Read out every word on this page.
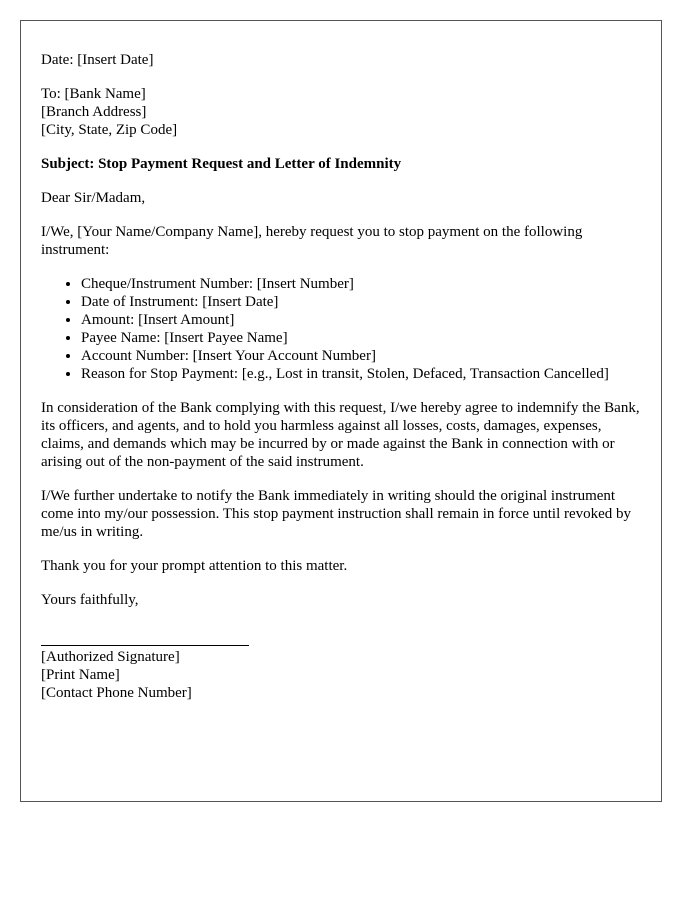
Date: [Insert Date]

To: [Bank Name]
[Branch Address]
[City, State, Zip Code]

Subject: Stop Payment Request and Letter of Indemnity

Dear Sir/Madam,

I/We, [Your Name/Company Name], hereby request you to stop payment on the following instrument:

• Cheque/Instrument Number: [Insert Number]
• Date of Instrument: [Insert Date]
• Amount: [Insert Amount]
• Payee Name: [Insert Payee Name]
• Account Number: [Insert Your Account Number]
• Reason for Stop Payment: [e.g., Lost in transit, Stolen, Defaced, Transaction Cancelled]

In consideration of the Bank complying with this request, I/we hereby agree to indemnify the Bank, its officers, and agents, and to hold you harmless against all losses, costs, damages, expenses, claims, and demands which may be incurred by or made against the Bank in connection with or arising out of the non-payment of the said instrument.

I/We further undertake to notify the Bank immediately in writing should the original instrument come into my/our possession. This stop payment instruction shall remain in force until revoked by me/us in writing.

Thank you for your prompt attention to this matter.

Yours faithfully,

[Authorized Signature]
[Print Name]
[Contact Phone Number]
